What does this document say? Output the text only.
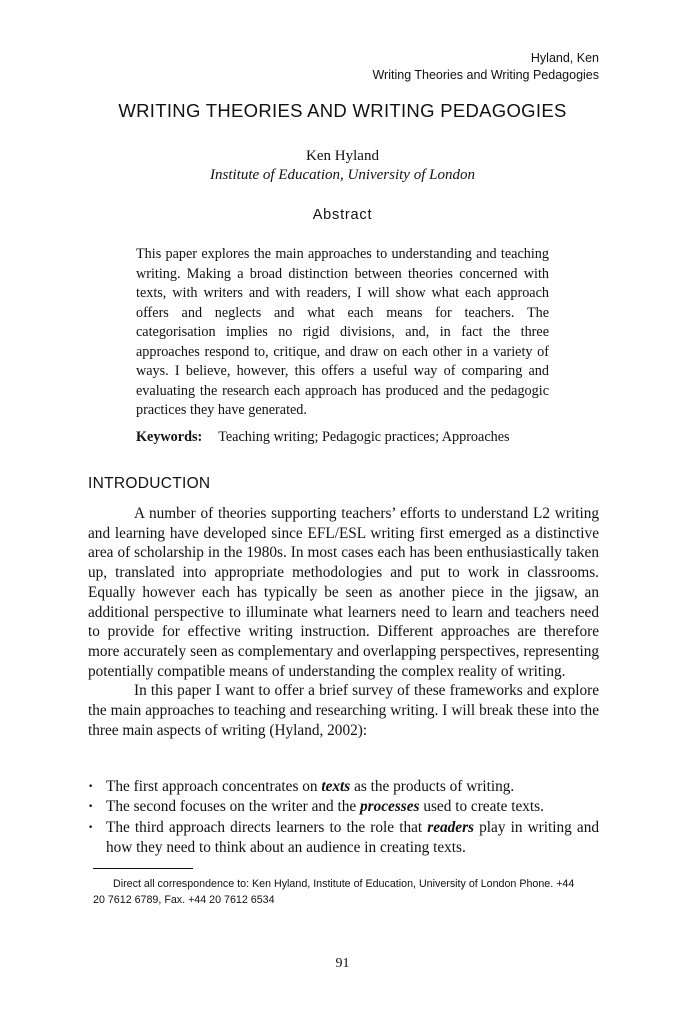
Hyland, Ken
Writing Theories and Writing Pedagogies
WRITING THEORIES AND WRITING PEDAGOGIES
Ken Hyland
Institute of Education, University of London
Abstract

This paper explores the main approaches to understanding and teaching writing. Making a broad distinction between theories concerned with texts, with writers and with readers, I will show what each approach offers and neglects and what each means for teachers. The categorisation implies no rigid divisions, and, in fact the three approaches respond to, critique, and draw on each other in a variety of ways. I believe, however, this offers a useful way of comparing and evaluating the research each approach has produced and the pedagogic practices they have generated.

Keywords: Teaching writing; Pedagogic practices; Approaches
INTRODUCTION

A number of theories supporting teachers’ efforts to understand L2 writing and learning have developed since EFL/ESL writing first emerged as a distinctive area of scholarship in the 1980s. In most cases each has been enthusiastically taken up, translated into appropriate methodologies and put to work in classrooms. Equally however each has typically be seen as another piece in the jigsaw, an additional perspective to illuminate what learners need to learn and teachers need to provide for effective writing instruction. Different approaches are therefore more accurately seen as complementary and overlapping perspectives, representing potentially compatible means of understanding the complex reality of writing.

In this paper I want to offer a brief survey of these frameworks and explore the main approaches to teaching and researching writing. I will break these into the three main aspects of writing (Hyland, 2002):

• The first approach concentrates on texts as the products of writing.
• The second focuses on the writer and the processes used to create texts.
• The third approach directs learners to the role that readers play in writing and how they need to think about an audience in creating texts.
Direct all correspondence to: Ken Hyland, Institute of Education, University of London Phone. +44 20 7612 6789, Fax. +44 20 7612 6534
91
